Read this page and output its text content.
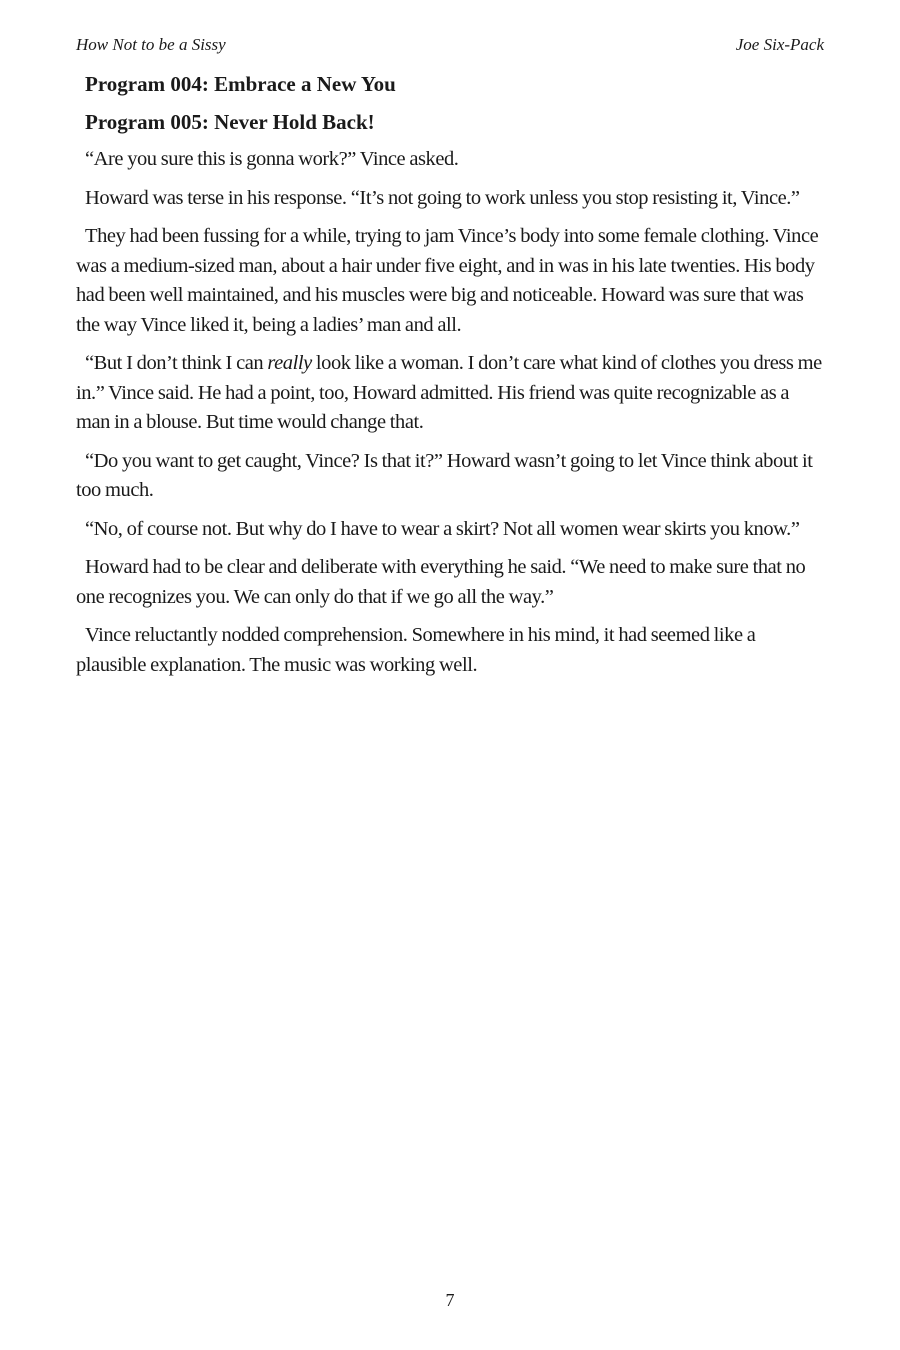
How Not to be a Sissy	Joe Six-Pack
Program 004: Embrace a New You
Program 005: Never Hold Back!

“Are you sure this is gonna work?” Vince asked.

Howard was terse in his response. “It’s not going to work unless you stop resisting it, Vince.”

They had been fussing for a while, trying to jam Vince’s body into some female clothing. Vince was a medium-sized man, about a hair under five eight, and in was in his late twenties. His body had been well maintained, and his muscles were big and noticeable. Howard was sure that was the way Vince liked it, being a ladies’ man and all.

“But I don’t think I can really look like a woman. I don’t care what kind of clothes you dress me in.” Vince said. He had a point, too, Howard admitted. His friend was quite recognizable as a man in a blouse. But time would change that.

“Do you want to get caught, Vince? Is that it?” Howard wasn’t going to let Vince think about it too much.

“No, of course not. But why do I have to wear a skirt? Not all women wear skirts you know.”

Howard had to be clear and deliberate with everything he said. “We need to make sure that no one recognizes you. We can only do that if we go all the way.”

Vince reluctantly nodded comprehension. Somewhere in his mind, it had seemed like a plausible explanation. The music was working well.

7
